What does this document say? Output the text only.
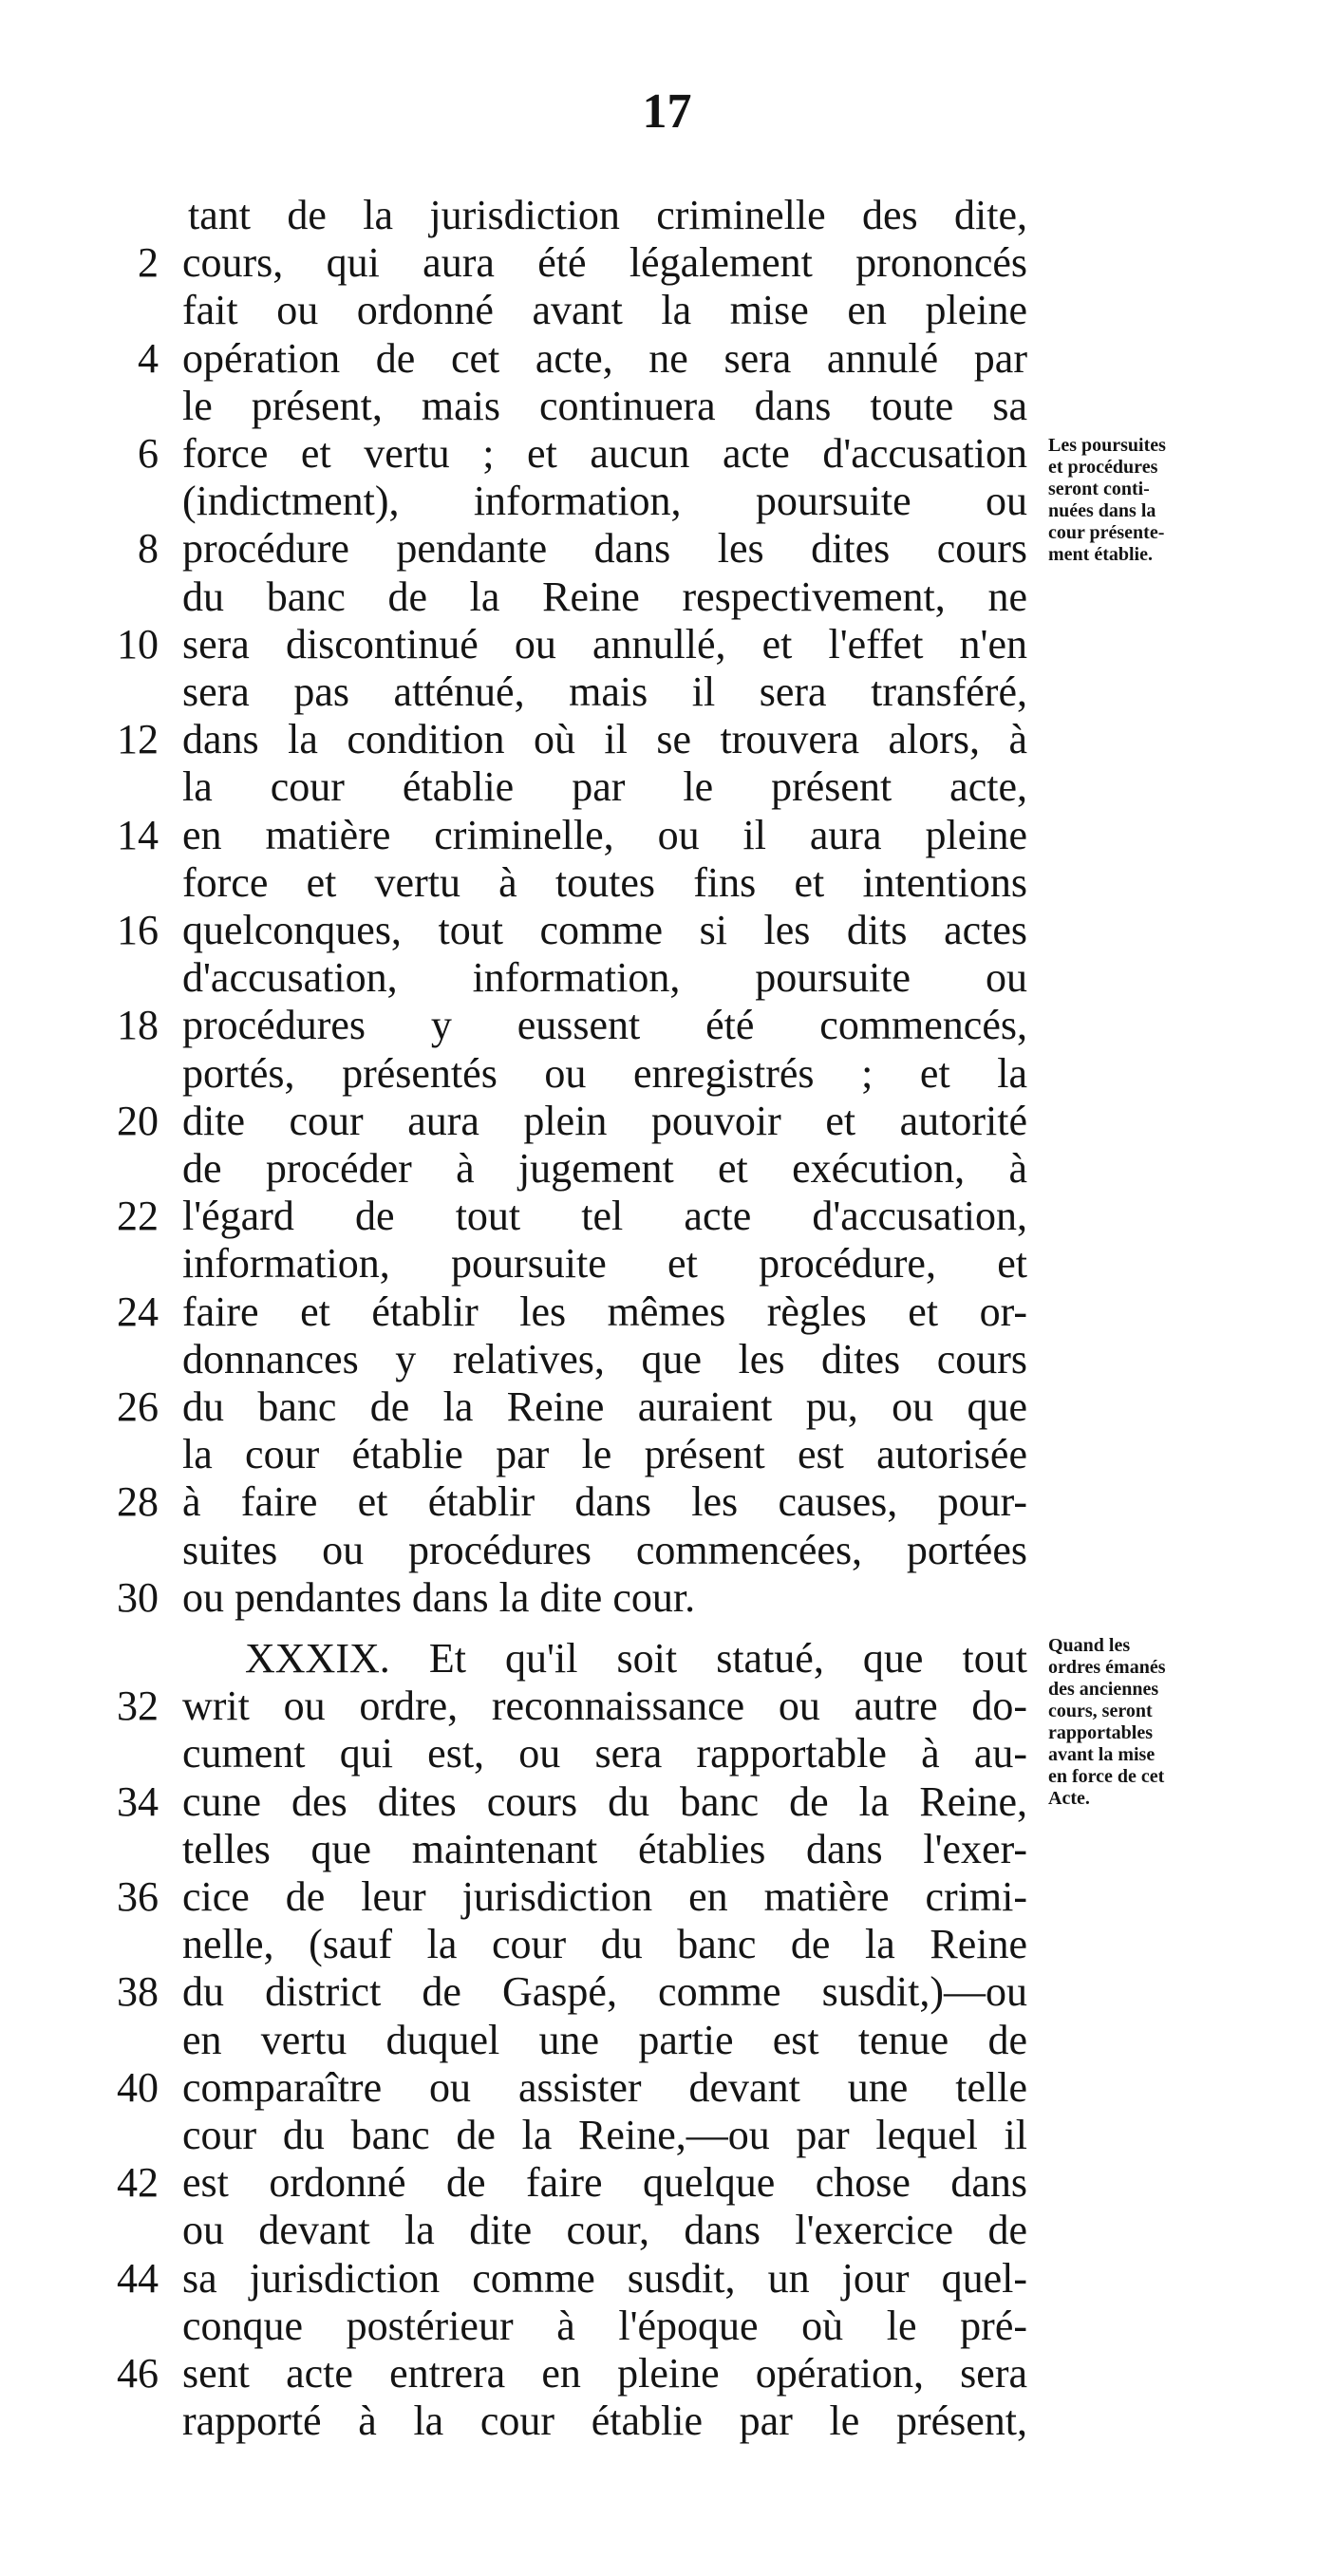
17
tant de la jurisdiction criminelle des dite,
2 cours, qui aura été légalement prononcés
fait ou ordonné avant la mise en pleine
4 opération de cet acte, ne sera annulé par
le présent, mais continuera dans toute sa
6 force et vertu ; et aucun acte d'accusation
(indictment), information, poursuite ou
8 procédure pendante dans les dites cours
du banc de la Reine respectivement, ne
10 sera discontinué ou annullé, et l'effet n'en
sera pas atténué, mais il sera transféré,
12 dans la condition où il se trouvera alors, à
la cour établie par le présent acte,
14 en matière criminelle, ou il aura pleine
force et vertu à toutes fins et intentions
16 quelconques, tout comme si les dits actes
d'accusation, information, poursuite ou
18 procédures y eussent été commencés,
portés, présentés ou enregistrés ; et la
20 dite cour aura plein pouvoir et autorité
de procéder à jugement et exécution, à
22 l'égard de tout tel acte d'accusation,
information, poursuite et procédure, et
24 faire et établir les mêmes règles et or-
donnances y relatives, que les dites cours
26 du banc de la Reine auraient pu, ou que
la cour établie par le présent est autorisée
28 à faire et établir dans les causes, pour-
suites ou procédures commencées, portées
30 ou pendantes dans la dite cour.
XXXIX. Et qu'il soit statué, que tout
32 writ ou ordre, reconnaissance ou autre do-
cument qui est, ou sera rapportable à au-
34 cune des dites cours du banc de la Reine,
telles que maintenant établies dans l'exer-
36 cice de leur jurisdiction en matière crimi-
nelle, (sauf la cour du banc de la Reine
38 du district de Gaspé, comme susdit,)—ou
en vertu duquel une partie est tenue de
40 comparaître ou assister devant une telle
cour du banc de la Reine,—ou par lequel il
42 est ordonné de faire quelque chose dans
ou devant la dite cour, dans l'exercice de
44 sa jurisdiction comme susdit, un jour quel-
conque postérieur à l'époque où le pré-
46 sent acte entrera en pleine opération, sera
rapporté à la cour établie par le présent,
Les poursuites
et procédures
seront conti-
nuées dans la
cour présente-
ment établie.
Quand les
ordres émanés
des anciennes
cours, seront
rapportables
avant la mise
en force de cet
Acte.
